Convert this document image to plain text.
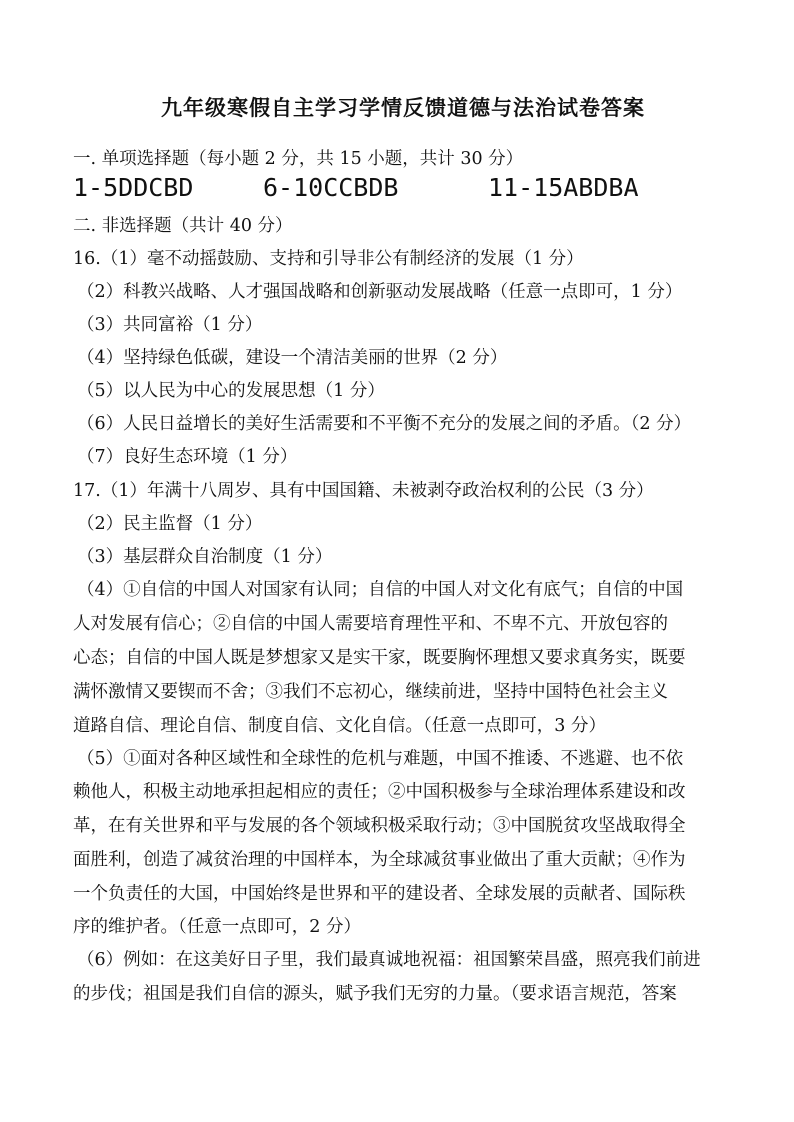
九年级寒假自主学习学情反馈道德与法治试卷答案
一. 单项选择题（每小题 2 分，共 15 小题，共计 30 分）
1-5DDCBD	6-10CCBDB	11-15ABDBA
二. 非选择题（共计 40 分）
16.（1）毫不动摇鼓励、支持和引导非公有制经济的发展（1 分）
（2）科教兴战略、人才强国战略和创新驱动发展战略（任意一点即可，1 分）
（3）共同富裕（1 分）
（4）坚持绿色低碳，建设一个清洁美丽的世界（2 分）
（5）以人民为中心的发展思想（1 分）
（6）人民日益增长的美好生活需要和不平衡不充分的发展之间的矛盾。（2 分）
（7）良好生态环境（1 分）
17.（1）年满十八周岁、具有中国国籍、未被剥夺政治权利的公民（3 分）
（2）民主监督（1 分）
（3）基层群众自治制度（1 分）
（4）①自信的中国人对国家有认同；自信的中国人对文化有底气；自信的中国
人对发展有信心；②自信的中国人需要培育理性平和、不卑不亢、开放包容的
心态；自信的中国人既是梦想家又是实干家，既要胸怀理想又要求真务实，既要
满怀激情又要锲而不舍；③我们不忘初心，继续前进，坚持中国特色社会主义
道路自信、理论自信、制度自信、文化自信。（任意一点即可，3 分）
（5）①面对各种区域性和全球性的危机与难题，中国不推诿、不逃避、也不依
赖他人，积极主动地承担起相应的责任；②中国积极参与全球治理体系建设和改
革，在有关世界和平与发展的各个领域积极采取行动；③中国脱贫攻坚战取得全
面胜利，创造了减贫治理的中国样本，为全球减贫事业做出了重大贡献；④作为
一个负责任的大国，中国始终是世界和平的建设者、全球发展的贡献者、国际秩
序的维护者。（任意一点即可，2 分）
（6）例如：在这美好日子里，我们最真诚地祝福：祖国繁荣昌盛，照亮我们前进
的步伐；祖国是我们自信的源头，赋予我们无穷的力量。（要求语言规范，答案
